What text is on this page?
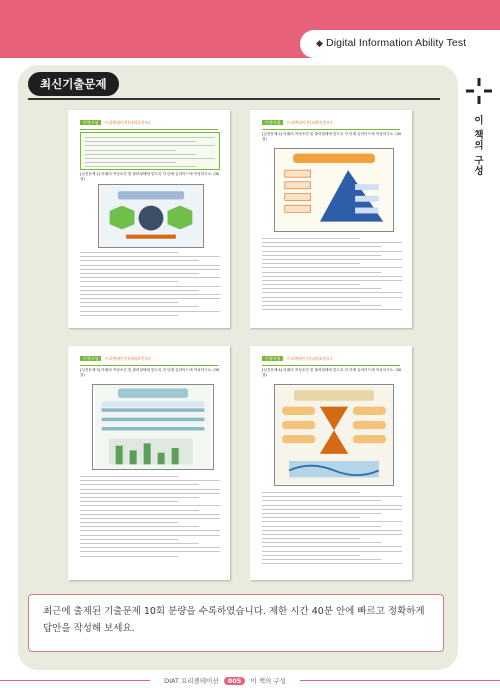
◆ Digital Information Ability Test
이 책의 구성
최신기출문제
인정시험 프리젠테이션(파워포인트)
[실전문제 1] 아래의 작성조건 및 출력형태에 맞도록 각 단계 슬라이드에 작성하시오. (30점)
인정시험 프리젠테이션(파워포인트)
[실전문제 2] 아래의 작성조건 및 출력형태에 맞도록 각 단계 슬라이드에 작성하시오. (30점)
인정시험 프리젠테이션(파워포인트)
[실전문제 3] 아래의 작성조건 및 출력형태에 맞도록 각 단계 슬라이드에 작성하시오. (30점)
인정시험 프리젠테이션(파워포인트)
[실전문제 4] 아래의 작성조건 및 출력형태에 맞도록 각 단계 슬라이드에 작성하시오. (30점)

최근에 출제된 기출문제 10회 분량을 수록하였습니다. 제한 시간 40분 안에 빠르고 정확하게 답안을 작성해 보세요.

DIAT 프리젠테이션 005 이 책의 구성
